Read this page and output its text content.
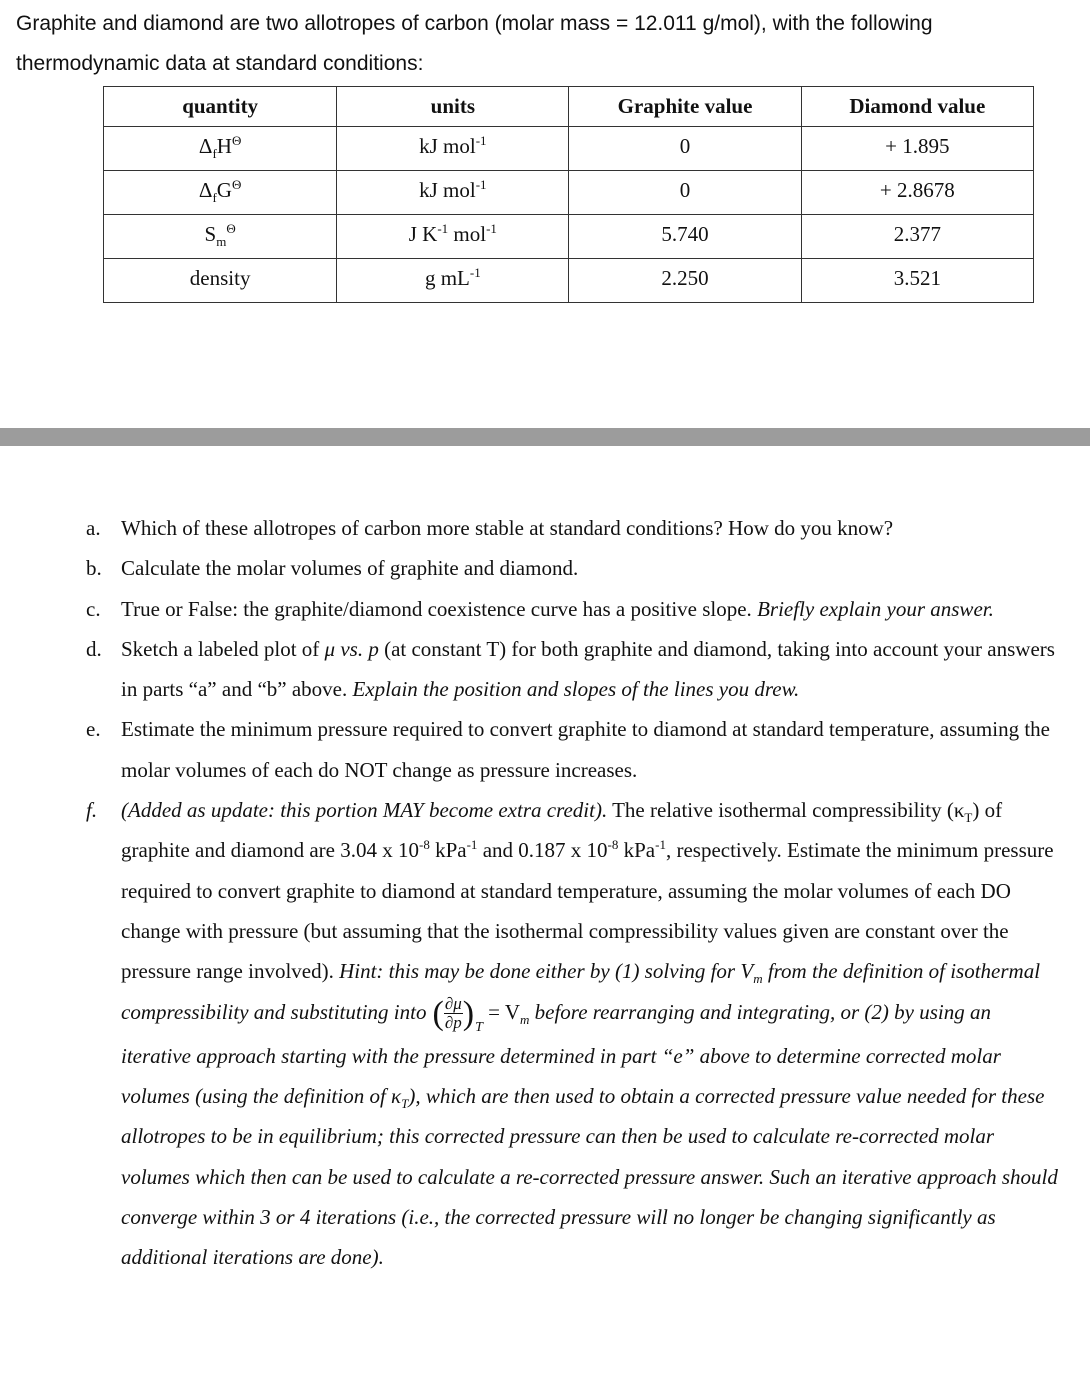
Graphite and diamond are two allotropes of carbon (molar mass = 12.011 g/mol), with the following
thermodynamic data at standard conditions:
quantity	units	Graphite value	Diamond value
$\Delta_fH^\Theta$	kJ mol$^{-1}$	0	+ 1.895
$\Delta_fG^\Theta$	kJ mol$^{-1}$	0	+ 2.8678
$S_m^\Theta$	J $K^{-1}$ mol$^{-1}$	5.740	2.377
density	g $mL^{-1}$	2.250	3.521
a. Which of these allotropes of carbon more stable at standard conditions? How do you know?
b. Calculate the molar volumes of graphite and diamond.
c. True or False: the graphite/diamond coexistence curve has a positive slope. Briefly explain your answer.
d. Sketch a labeled plot of μ vs. p (at constant T) for both graphite and diamond, taking into account your answers in parts “a” and “b” above. Explain the position and slopes of the lines you drew.
e. Estimate the minimum pressure required to convert graphite to diamond at standard temperature, assuming the molar volumes of each do NOT change as pressure increases.
f. (Added as update: this portion MAY become extra credit). The relative isothermal compressibility $(\kappa_T)$ of graphite and diamond are 3.04 x $10^{-8}$ kPa$^{-1}$ and 0.187 x $10^{-8}$ kPa$^{-1}$, respectively. Estimate the minimum pressure required to convert graphite to diamond at standard temperature, assuming the molar volumes of each DO change with pressure (but assuming that the isothermal compressibility values given are constant over the pressure range involved). Hint: this may be done either by (1) solving for $V_m$ from the definition of isothermal compressibility and substituting into ( $\frac{\partial\mu}{\partial p} )_T = V_m$ before rearranging and integrating, or (2) by using an iterative approach starting with the pressure determined in part “e” above to determine corrected molar volumes (using the definition of $\kappa_T$), which are then used to obtain a corrected pressure value needed for these allotropes to be in equilibrium; this corrected pressure can then be used to calculate re-corrected molar volumes which then can be used to calculate a re-corrected pressure answer. Such an iterative approach should converge within 3 or 4 iterations (i.e., the corrected pressure will no longer be changing significantly as additional iterations are done).
